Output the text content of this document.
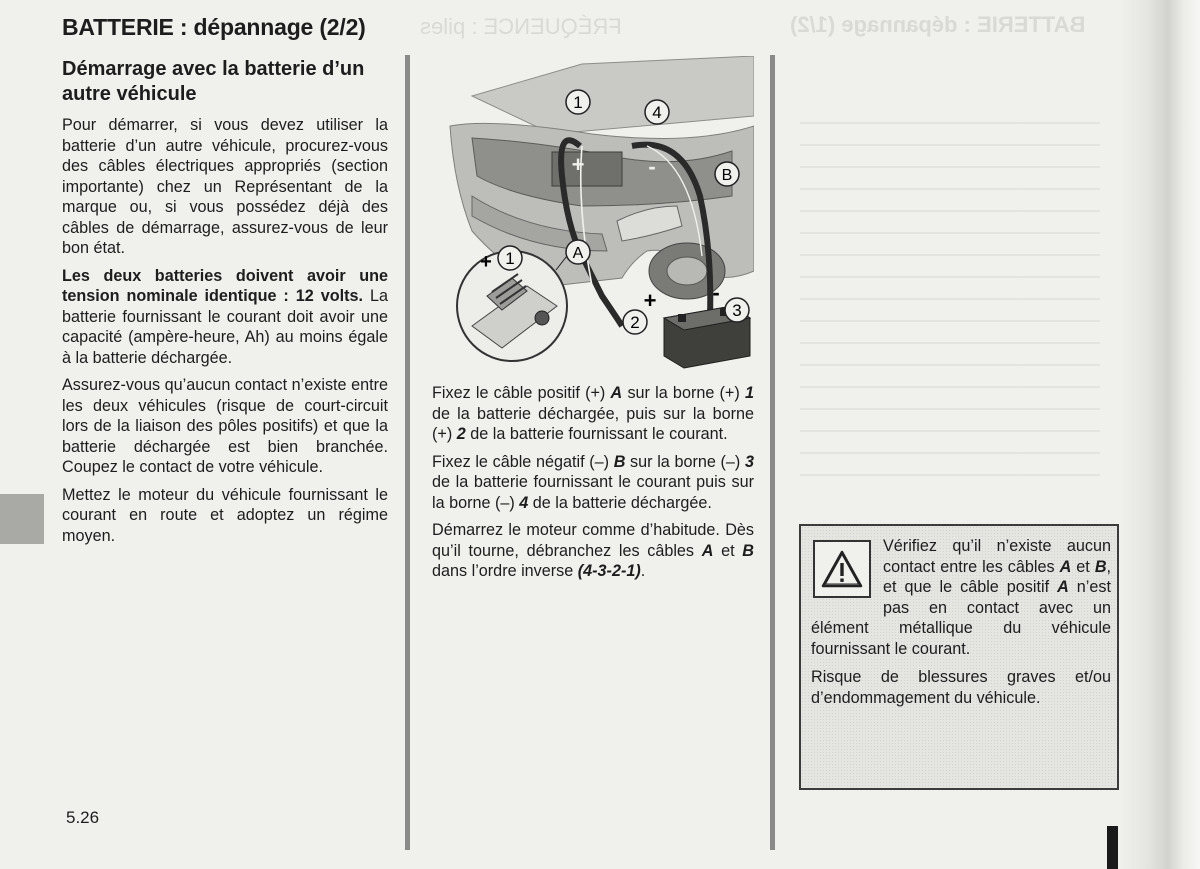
BATTERIE : dépannage (1/2)
FRÉQUENCE : piles
BATTERIE : dépannage (2/2)
Démarrage avec la batterie d’un autre véhicule

Pour démarrer, si vous devez utiliser la batterie d’un autre véhicule, procurez-vous des câbles électriques appropriés (section importante) chez un Représentant de la marque ou, si vous possédez déjà des câbles de démarrage, assurez-vous de leur bon état.

Les deux batteries doivent avoir une tension nominale identique : 12 volts. La batterie fournissant le courant doit avoir une capacité (ampère-heure, Ah) au moins égale à la batterie déchargée.

Assurez-vous qu’aucun contact n’existe entre les deux véhicules (risque de court-circuit lors de la liaison des pôles positifs) et que la batterie déchargée est bien branchée. Coupez le contact de votre véhicule.

Mettez le moteur du véhicule fournissant le courant en route et adoptez un régime moyen.

1
4
B
A
1
+
2
3
+	-
+	-

Fixez le câble positif (+) A sur la borne (+) 1 de la batterie déchargée, puis sur la borne (+) 2 de la batterie fournissant le courant.

Fixez le câble négatif (–) B sur la borne (–) 3 de la batterie fournissant le courant puis sur la borne (–) 4 de la batterie déchargée.

Démarrez le moteur comme d’habitude. Dès qu’il tourne, débranchez les câbles A et B dans l’ordre inverse (4-3-2-1).

Vérifiez qu’il n’existe aucun contact entre les câbles A et B, et que le câble positif A n’est pas en contact avec un élément métallique du véhicule fournissant le courant.

Risque de blessures graves et/ou d’endommagement du véhicule.

5.26
